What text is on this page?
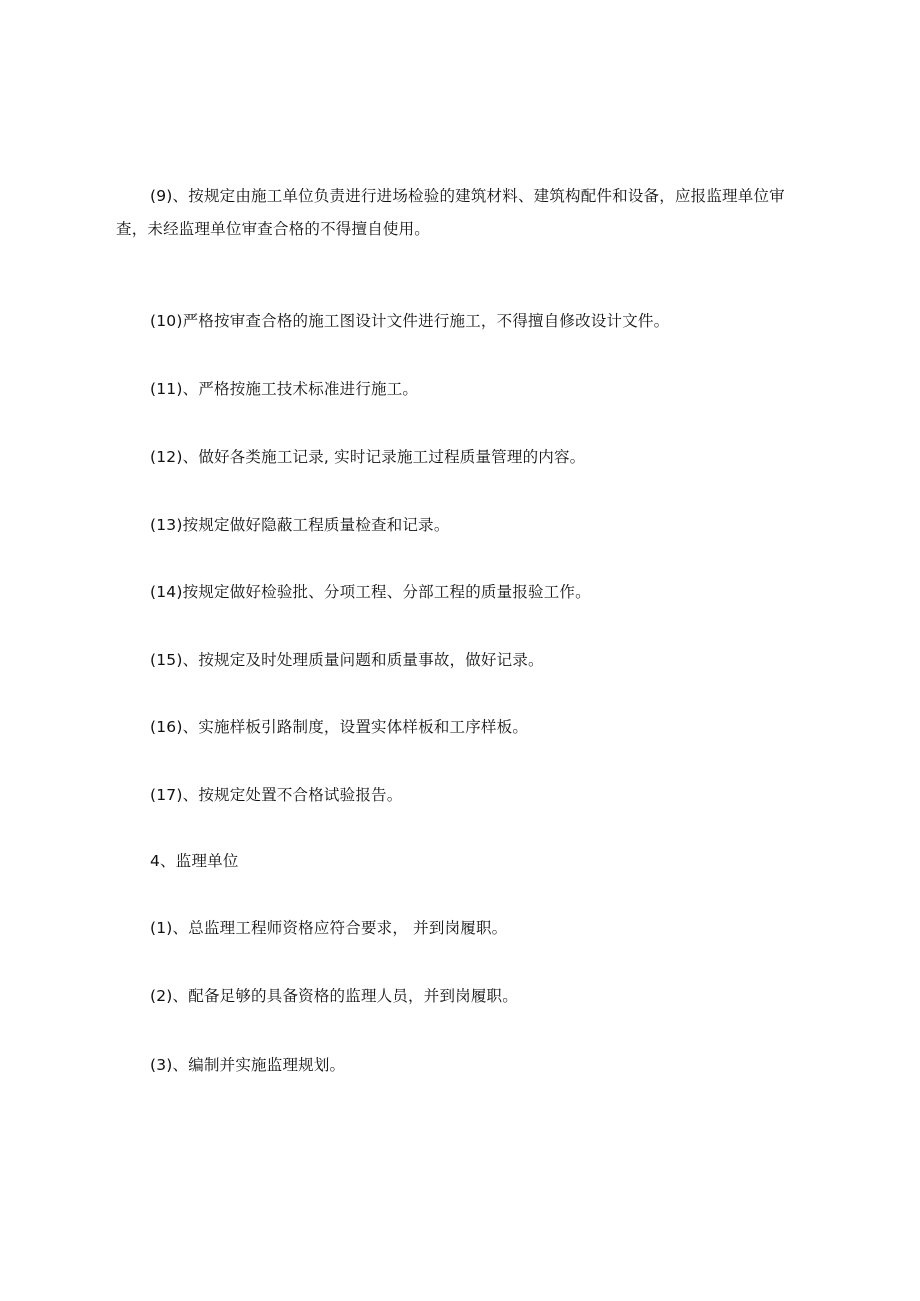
(9)、按规定由施工单位负责进行进场检验的建筑材料、建筑构配件和设备，应报监理单位审查，未经监理单位审查合格的不得擅自使用。

(10)严格按审查合格的施工图设计文件进行施工，不得擅自修改设计文件。

(11)、严格按施工技术标准进行施工。

(12)、做好各类施工记录, 实时记录施工过程质量管理的内容。

(13)按规定做好隐蔽工程质量检查和记录。

(14)按规定做好检验批、分项工程、分部工程的质量报验工作。

(15)、按规定及时处理质量问题和质量事故，做好记录。

(16)、实施样板引路制度，设置实体样板和工序样板。

(17)、按规定处置不合格试验报告。

4、监理单位

(1)、总监理工程师资格应符合要求， 并到岗履职。

(2)、配备足够的具备资格的监理人员，并到岗履职。

(3)、编制并实施监理规划。
